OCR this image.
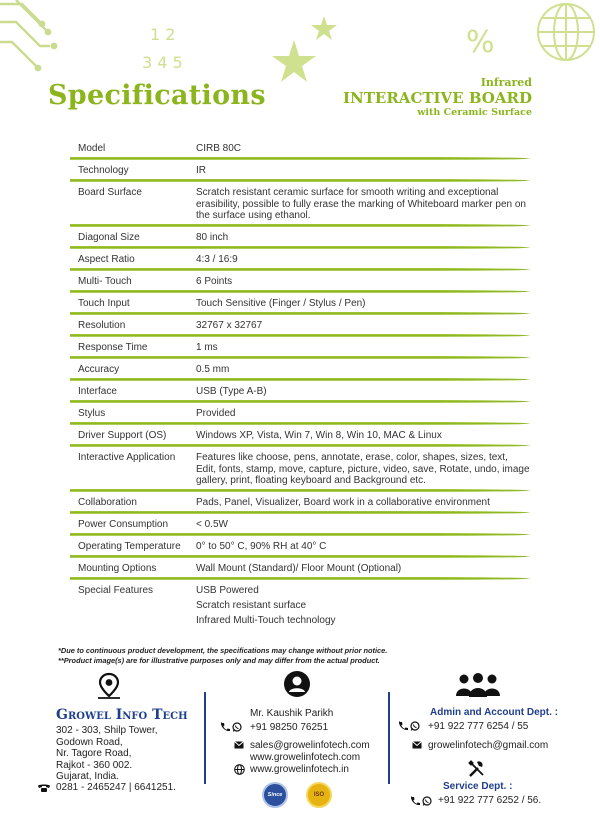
1 2
3 4 5
%
Specifications	Infrared
INTERACTIVE BOARD
with Ceramic Surface
Model	CIRB 80C
Technology	IR
Board Surface	Scratch resistant ceramic surface for smooth writing and exceptional erasibility, possible to fully erase the marking of Whiteboard marker pen on the surface using ethanol.
Diagonal Size	80 inch
Aspect Ratio	4:3 / 16:9
Multi- Touch	6 Points
Touch Input	Touch Sensitive (Finger / Stylus / Pen)
Resolution	32767 x 32767
Response Time	1 ms
Accuracy	0.5 mm
Interface	USB (Type A-B)
Stylus	Provided
Driver Support (OS)	Windows XP, Vista, Win 7, Win 8, Win 10, MAC & Linux
Interactive Application	Features like choose, pens, annotate, erase, color, shapes, sizes, text, Edit, fonts, stamp, move, capture, picture, video, save, Rotate, undo, image gallery, print, floating keyboard and Background etc.
Collaboration	Pads, Panel, Visualizer, Board work in a collaborative environment
Power Consumption	< 0.5W
Operating Temperature	0° to 50° C, 90% RH at 40° C
Mounting Options	Wall Mount (Standard)/ Floor Mount (Optional)
Special Features	USB Powered
Scratch resistant surface
Infrared Multi-Touch technology
*Due to continuous product development, the specifications may change without prior notice.
**Product image(s) are for illustrative purposes only and may differ from the actual product.
Growel Info Tech
302 - 303, Shilp Tower,
Godown Road,
Nr. Tagore Road,
Rajkot - 360 002.
Gujarat, India.
0281 - 2465247 | 6641251.
Mr. Kaushik Parikh
+91 98250 76251
sales@growelinfotech.com
www.growelinfotech.com
www.growelinfotech.in
Since 1997
ISO
Admin and Account Dept. :
+91 922 777 6254 / 55
growelinfotech@gmail.com
Service Dept. :
+91 922 777 6252 / 56.
